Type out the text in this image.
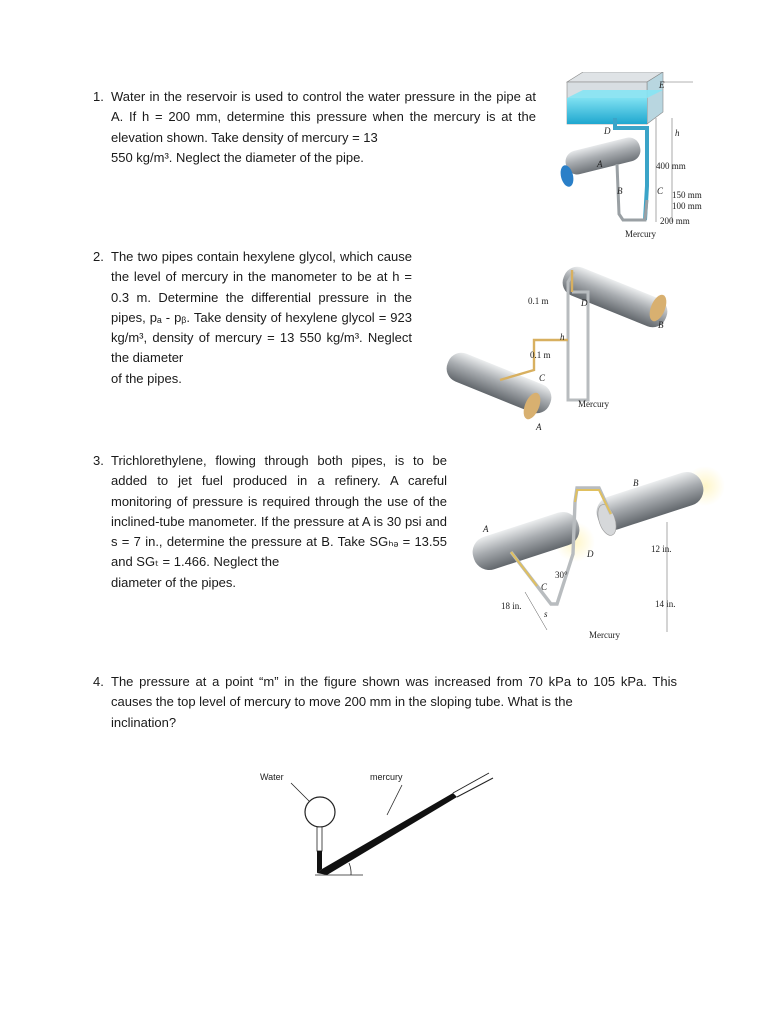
1. Water in the reservoir is used to control the water pressure in the pipe at A. If h = 200 mm, determine this pressure when the mercury is at the elevation shown. Take density of mercury = 13
550 kg/m³. Neglect the diameter of the pipe.
2. The two pipes contain hexylene glycol, which cause the level of mercury in the manometer to be at h = 0.3 m. Determine the differential pressure in the pipes, pₐ - pᵦ. Take density of hexylene glycol = 923 kg/m³, density of mercury = 13 550 kg/m³. Neglect the diameter
of the pipes.
3. Trichlorethylene, flowing through both pipes, is to be added to jet fuel produced in a refinery. A careful monitoring of pressure is required through the use of the inclined-tube manometer. If the pressure at A is 30 psi and s = 7 in., determine the pressure at B. Take SGₕₔ = 13.55 and SGₜ = 1.466. Neglect the
diameter of the pipes.
4. The pressure at a point “m” in the figure shown was increased from 70 kPa to 105 kPa. This causes the top level of mercury to move 200 mm in the sloping tube. What is the
inclination?
E
D	h
A
B	C
400 mm
150 mm
100 mm
200 mm
Mercury
0.1 m
0.1 m
D
h
C
B
A
Mercury
A
B
C
D
30°
12 in.
14 in.
18 in.
s
Mercury
Water	mercury
